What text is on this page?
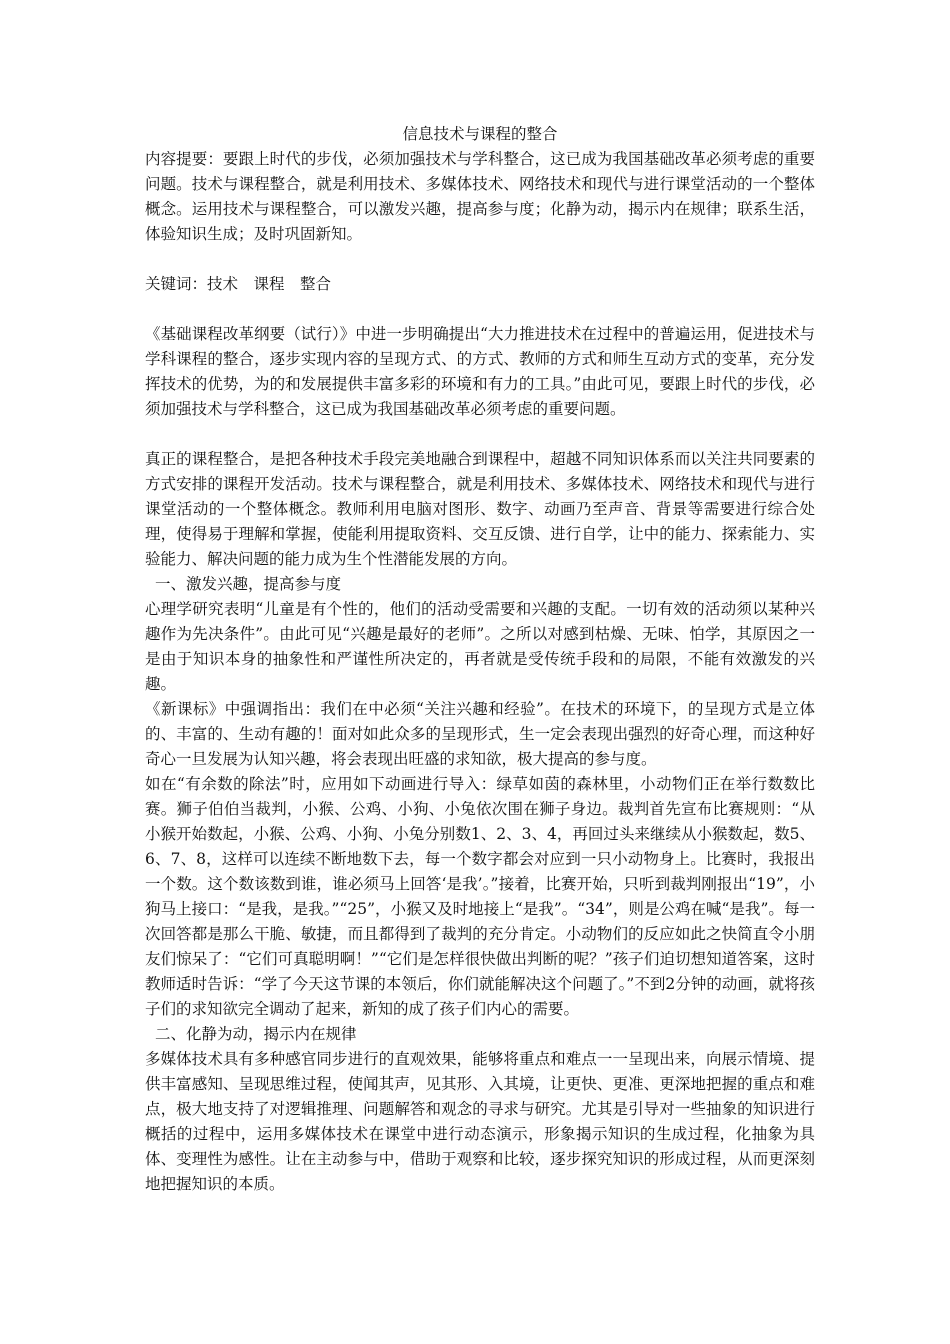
信息技术与课程的整合

内容提要：要跟上时代的步伐，必须加强技术与学科整合，这已成为我国基础改革必须考虑的重要问题。技术与课程整合，就是利用技术、多媒体技术、网络技术和现代与进行课堂活动的一个整体概念。运用技术与课程整合，可以激发兴趣，提高参与度；化静为动，揭示内在规律；联系生活，体验知识生成；及时巩固新知。

关键词：技术　课程　整合

《基础课程改革纲要（试行）》中进一步明确提出“大力推进技术在过程中的普遍运用，促进技术与学科课程的整合，逐步实现内容的呈现方式、的方式、教师的方式和师生互动方式的变革，充分发挥技术的优势，为的和发展提供丰富多彩的环境和有力的工具。”由此可见，要跟上时代的步伐，必须加强技术与学科整合，这已成为我国基础改革必须考虑的重要问题。

真正的课程整合，是把各种技术手段完美地融合到课程中，超越不同知识体系而以关注共同要素的方式安排的课程开发活动。技术与课程整合，就是利用技术、多媒体技术、网络技术和现代与进行课堂活动的一个整体概念。教师利用电脑对图形、数字、动画乃至声音、背景等需要进行综合处理，使得易于理解和掌握，使能利用提取资料、交互反馈、进行自学，让中的能力、探索能力、实验能力、解决问题的能力成为生个性潜能发展的方向。

一、激发兴趣，提高参与度

心理学研究表明“儿童是有个性的，他们的活动受需要和兴趣的支配。一切有效的活动须以某种兴趣作为先决条件”。由此可见“兴趣是最好的老师”。之所以对感到枯燥、无味、怕学，其原因之一是由于知识本身的抽象性和严谨性所决定的，再者就是受传统手段和的局限，不能有效激发的兴趣。

《新课标》中强调指出：我们在中必须“关注兴趣和经验”。在技术的环境下，的呈现方式是立体的、丰富的、生动有趣的！面对如此众多的呈现形式，生一定会表现出强烈的好奇心理，而这种好奇心一旦发展为认知兴趣，将会表现出旺盛的求知欲，极大提高的参与度。

如在“有余数的除法”时，应用如下动画进行导入：绿草如茵的森林里，小动物们正在举行数数比赛。狮子伯伯当裁判，小猴、公鸡、小狗、小兔依次围在狮子身边。裁判首先宣布比赛规则：“从小猴开始数起，小猴、公鸡、小狗、小兔分别数1、2、3、4，再回过头来继续从小猴数起，数5、6、7、8，这样可以连续不断地数下去，每一个数字都会对应到一只小动物身上。比赛时，我报出一个数。这个数该数到谁，谁必须马上回答‘是我’。”接着，比赛开始，只听到裁判刚报出“19”，小狗马上接口：“是我，是我。”“25”，小猴又及时地接上“是我”。“34”，则是公鸡在喊“是我”。每一次回答都是那么干脆、敏捷，而且都得到了裁判的充分肯定。小动物们的反应如此之快简直令小朋友们惊呆了：“它们可真聪明啊！”“它们是怎样很快做出判断的呢？”孩子们迫切想知道答案，这时教师适时告诉：“学了今天这节课的本领后，你们就能解决这个问题了。”不到2分钟的动画，就将孩子们的求知欲完全调动了起来，新知的成了孩子们内心的需要。

二、化静为动，揭示内在规律

多媒体技术具有多种感官同步进行的直观效果，能够将重点和难点一一呈现出来，向展示情境、提供丰富感知、呈现思维过程，使闻其声，见其形、入其境，让更快、更准、更深地把握的重点和难点，极大地支持了对逻辑推理、问题解答和观念的寻求与研究。尤其是引导对一些抽象的知识进行概括的过程中，运用多媒体技术在课堂中进行动态演示，形象揭示知识的生成过程，化抽象为具体、变理性为感性。让在主动参与中，借助于观察和比较，逐步探究知识的形成过程，从而更深刻地把握知识的本质。
